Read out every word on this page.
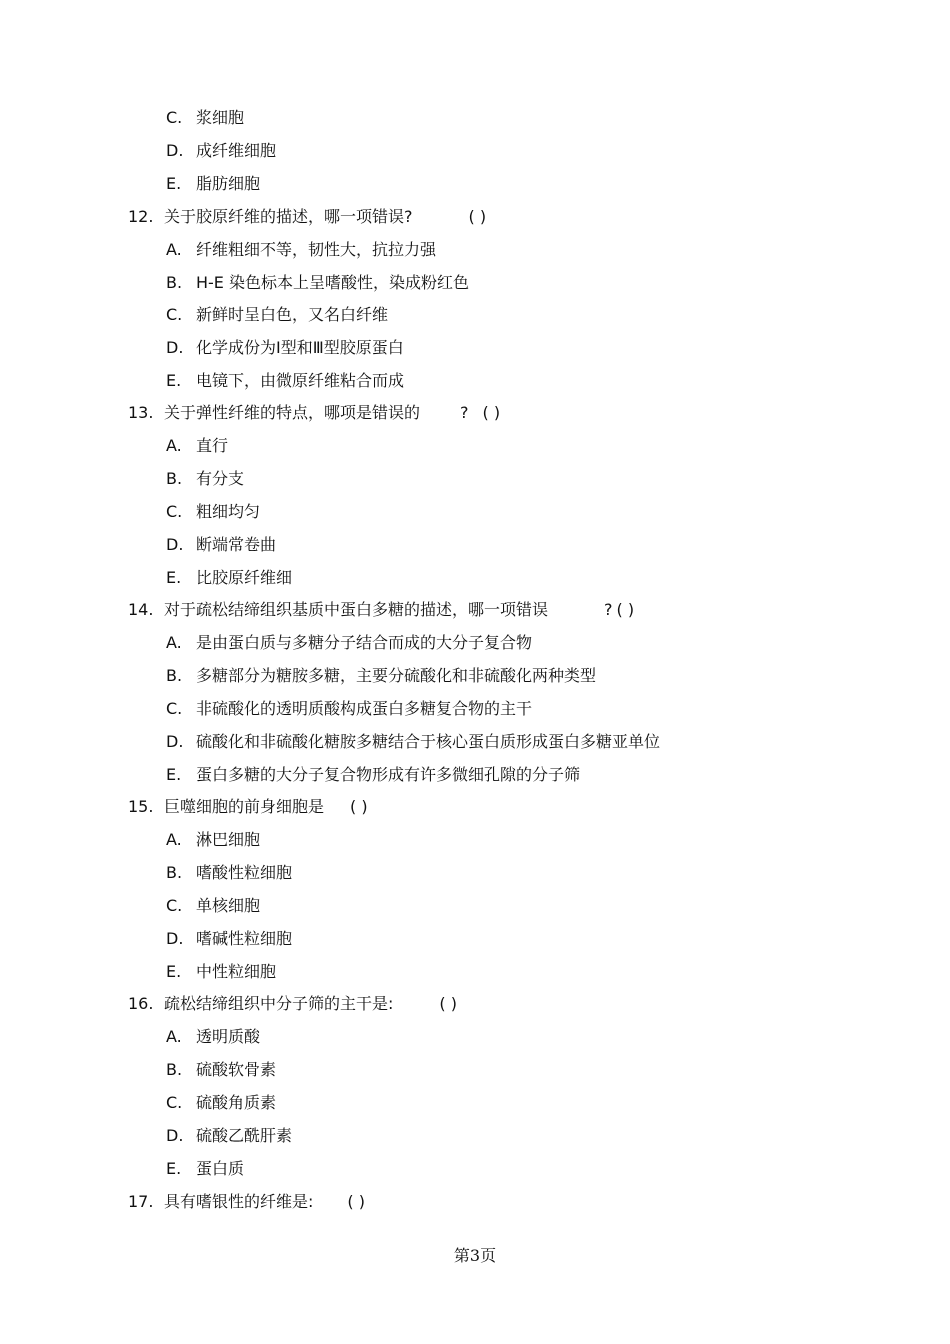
C. 浆细胞
D. 成纤维细胞
E. 脂肪细胞
12. 关于胶原纤维的描述，哪一项错误?	( )
A. 纤维粗细不等，韧性大，抗拉力强
B. H-E 染色标本上呈嗜酸性，染成粉红色
C. 新鲜时呈白色，又名白纤维
D. 化学成份为Ⅰ型和Ⅲ型胶原蛋白
E. 电镜下，由微原纤维粘合而成
13. 关于弹性纤维的特点，哪项是错误的	? ( )
A. 直行
B. 有分支
C. 粗细均匀
D. 断端常卷曲
E. 比胶原纤维细
14. 对于疏松结缔组织基质中蛋白多糖的描述，哪一项错误	? ( )
A. 是由蛋白质与多糖分子结合而成的大分子复合物
B. 多糖部分为糖胺多糖，主要分硫酸化和非硫酸化两种类型
C. 非硫酸化的透明质酸构成蛋白多糖复合物的主干
D. 硫酸化和非硫酸化糖胺多糖结合于核心蛋白质形成蛋白多糖亚单位
E. 蛋白多糖的大分子复合物形成有许多微细孔隙的分子筛
15. 巨噬细胞的前身细胞是 ( )
A. 淋巴细胞
B. 嗜酸性粒细胞
C. 单核细胞
D. 嗜碱性粒细胞
E. 中性粒细胞
16. 疏松结缔组织中分子筛的主干是:	( )
A. 透明质酸
B. 硫酸软骨素
C. 硫酸角质素
D. 硫酸乙酰肝素
E. 蛋白质
17. 具有嗜银性的纤维是: ( )
第3页
